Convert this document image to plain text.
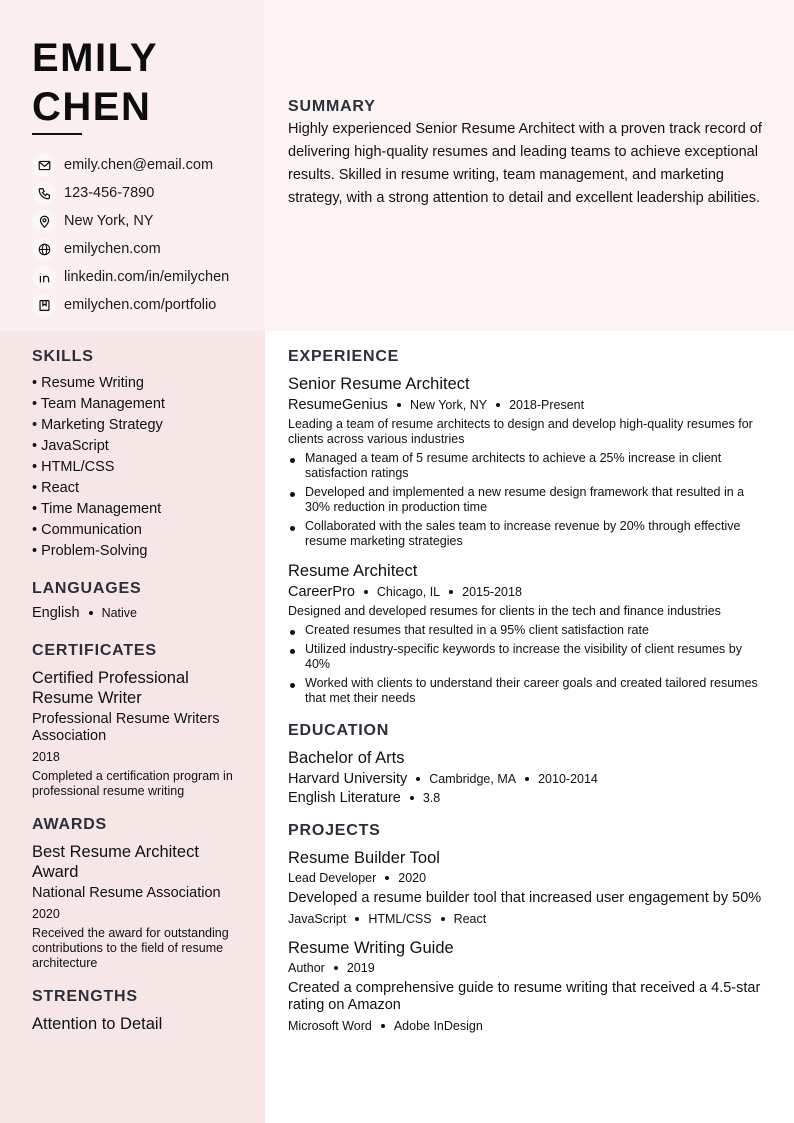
EMILY
CHEN
emily.chen@email.com
123-456-7890
New York, NY
emilychen.com
linkedin.com/in/emilychen
emilychen.com/portfolio
SUMMARY

Highly experienced Senior Resume Architect with a proven track record of delivering high-quality resumes and leading teams to achieve exceptional results. Skilled in resume writing, team management, and marketing strategy, with a strong attention to detail and excellent leadership abilities.

SKILLS
• Resume Writing
• Team Management
• Marketing Strategy
• JavaScript
• HTML/CSS
• React
• Time Management
• Communication
• Problem-Solving
LANGUAGES
English Native
CERTIFICATES
Certified Professional Resume Writer
Professional Resume Writers Association
2018
Completed a certification program in professional resume writing
AWARDS
Best Resume Architect Award
National Resume Association
2020
Received the award for outstanding contributions to the field of resume architecture
STRENGTHS
Attention to Detail
EXPERIENCE
Senior Resume Architect
ResumeGenius New York, NY 2018-Present
Leading a team of resume architects to design and develop high-quality resumes for clients across various industries
Managed a team of 5 resume architects to achieve a 25% increase in client satisfaction ratings
Developed and implemented a new resume design framework that resulted in a 30% reduction in production time
Collaborated with the sales team to increase revenue by 20% through effective resume marketing strategies
Resume Architect
CareerPro Chicago, IL 2015-2018
Designed and developed resumes for clients in the tech and finance industries
Created resumes that resulted in a 95% client satisfaction rate
Utilized industry-specific keywords to increase the visibility of client resumes by 40%
Worked with clients to understand their career goals and created tailored resumes that met their needs
EDUCATION
Bachelor of Arts
Harvard University Cambridge, MA 2010-2014
English Literature 3.8
PROJECTS
Resume Builder Tool
Lead Developer 2020
Developed a resume builder tool that increased user engagement by 50%
JavaScript HTML/CSS React
Resume Writing Guide
Author 2019
Created a comprehensive guide to resume writing that received a 4.5-star rating on Amazon
Microsoft Word Adobe InDesign
